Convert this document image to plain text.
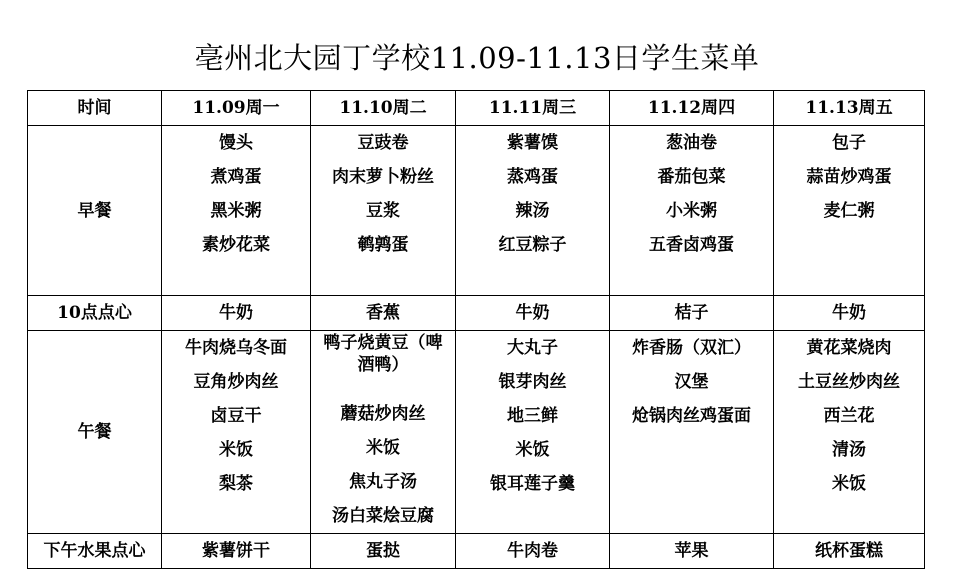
亳州北大园丁学校11.09-11.13日学生菜单
时间	11.09周一	11.10周二	11.11周三	11.12周四	11.13周五
早餐	馒头
煮鸡蛋
黑米粥
素炒花菜	豆豉卷
肉末萝卜粉丝
豆浆
鹌鹑蛋	紫薯馍
蒸鸡蛋
辣汤
红豆粽子	葱油卷
番茄包菜
小米粥
五香卤鸡蛋	包子
蒜苗炒鸡蛋
麦仁粥

10点点心	牛奶	香蕉	牛奶	桔子	牛奶
午餐	牛肉烧乌冬面
豆角炒肉丝
卤豆干
米饭
梨茶	鸭子烧黄豆（啤酒鸭）
蘑菇炒肉丝
米饭
焦丸子汤
汤白菜烩豆腐	大丸子
银芽肉丝
地三鲜
米饭
银耳莲子羹	炸香肠（双汇）
汉堡
炝锅肉丝鸡蛋面	黄花菜烧肉
土豆丝炒肉丝
西兰花
清汤
米饭

下午水果点心	紫薯饼干	蛋挞	牛肉卷	苹果	纸杯蛋糕
